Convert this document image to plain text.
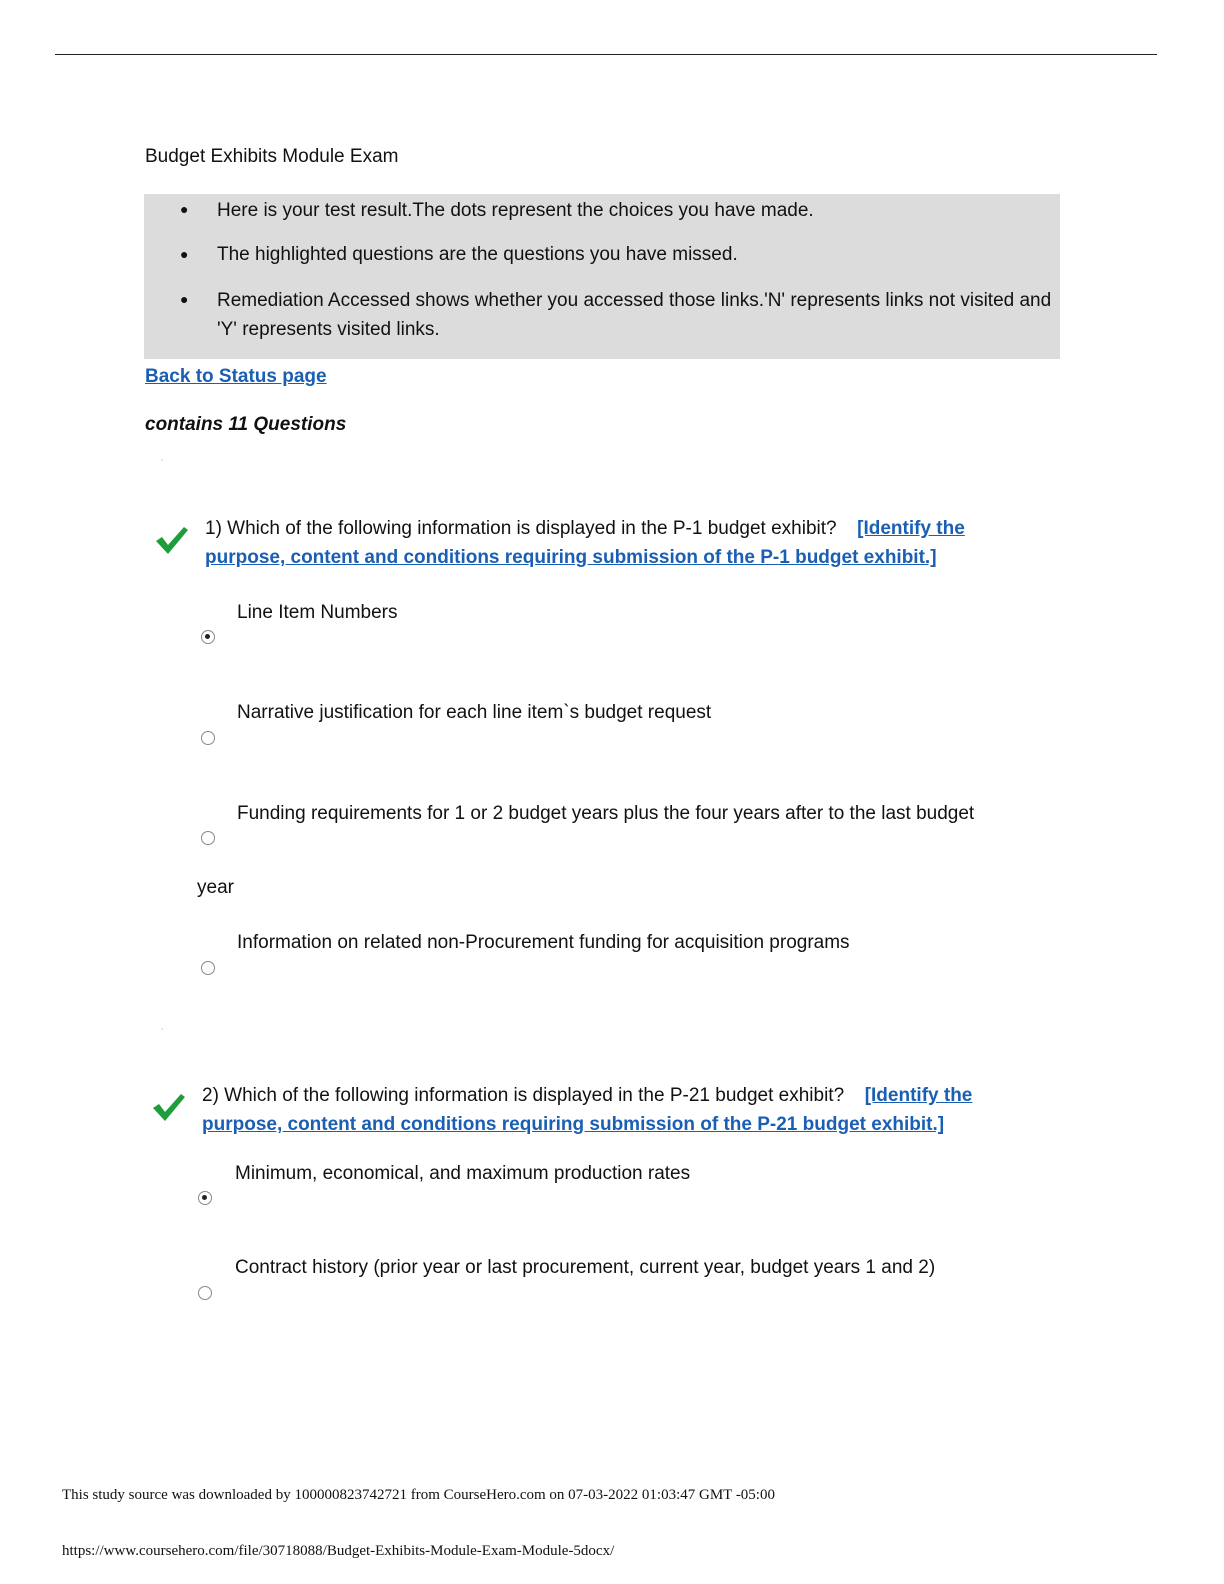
Budget Exhibits Module Exam
● Here is your test result.The dots represent the choices you have made.
● The highlighted questions are the questions you have missed.
● Remediation Accessed shows whether you accessed those links.'N' represents links not visited and 'Y' represents visited links.
Back to Status page
contains 11 Questions
1) Which of the following information is displayed in the P-1 budget exhibit? [Identify the purpose, content and conditions requiring submission of the P-1 budget exhibit.]
Line Item Numbers
Narrative justification for each line item`s budget request
Funding requirements for 1 or 2 budget years plus the four years after to the last budget
year
Information on related non-Procurement funding for acquisition programs
2) Which of the following information is displayed in the P-21 budget exhibit? [Identify the purpose, content and conditions requiring submission of the P-21 budget exhibit.]
Minimum, economical, and maximum production rates
Contract history (prior year or last procurement, current year, budget years 1 and 2)
This study source was downloaded by 100000823742721 from CourseHero.com on 07-03-2022 01:03:47 GMT -05:00
https://www.coursehero.com/file/30718088/Budget-Exhibits-Module-Exam-Module-5docx/
